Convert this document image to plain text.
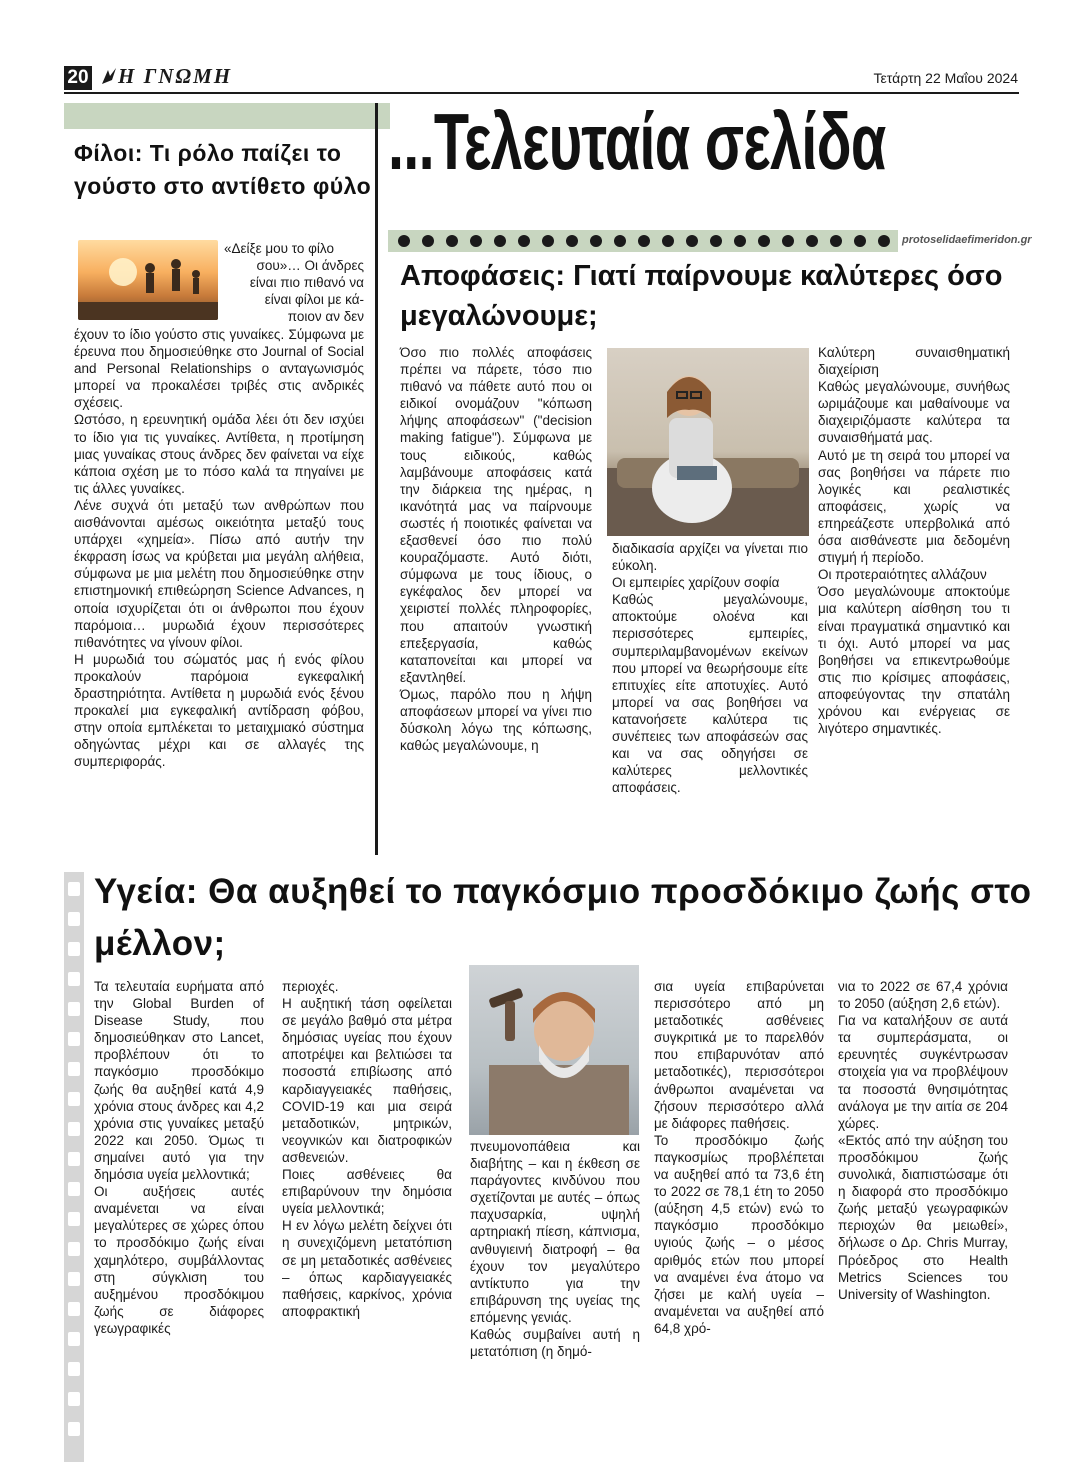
20 Η ΓΝΩΜΗ	Τετάρτη 22 Μαΐου 2024
...Τελευταία σελίδα
protoselidaefimeridon.gr
Φίλοι: Τι ρόλο παίζει το γούστο στο αντίθετο φύλο

«Δείξε μου το φίλο

σου»… Οι άνδρες

είναι πιο πιθανό να

είναι φίλοι με κά-

ποιον αν δεν

έχουν το ίδιο γούστο στις γυναίκες. Σύμφωνα με έρευνα που δημοσιεύθηκε στο Journal of Social and Personal Relationships ο ανταγωνισμός μπορεί να προκαλέσει τριβές στις ανδρικές σχέσεις.

Ωστόσο, η ερευνητική ομάδα λέει ότι δεν ισχύει το ίδιο για τις γυναίκες. Αντίθετα, η προτίμηση μιας γυναίκας στους άνδρες δεν φαίνεται να είχε κάποια σχέση με το πόσο καλά τα πηγαίνει με τις άλλες γυναίκες.

Λένε συχνά ότι μεταξύ των ανθρώπων που αισθάνονται αμέσως οικειότητα μεταξύ τους υπάρχει «χημεία». Πίσω από αυτήν την έκφραση ίσως να κρύβεται μια μεγάλη αλήθεια, σύμφωνα με μια μελέτη που δημοσιεύθηκε στην επιστημονική επιθεώρηση Science Advances, η οποία ισχυρίζεται ότι οι άνθρωποι που έχουν παρόμοια… μυρωδιά έχουν περισσότερες πιθανότητες να γίνουν φίλοι.

Η μυρωδιά του σώματός μας ή ενός φίλου προκαλούν παρόμοια εγκεφαλική δραστηριότητα. Αντίθετα η μυρωδιά ενός ξένου προκαλεί μια εγκεφαλική αντίδραση φόβου, στην οποία εμπλέκεται το μεταιχμιακό σύστημα οδηγώντας μέχρι και σε αλλαγές της συμπεριφοράς.

Αποφάσεις: Γιατί παίρνουμε καλύτερες όσο μεγαλώνουμε;

Όσο πιο πολλές αποφάσεις πρέπει να πάρετε, τόσο πιο πιθανό να πάθετε αυτό που οι ειδικοί ονομάζουν "κόπωση λήψης αποφάσεων" ("decision making fatigue"). Σύμφωνα με τους ειδικούς, καθώς λαμβάνουμε αποφάσεις κατά την διάρκεια της ημέρας, η ικανότητά μας να παίρνουμε σωστές ή ποιοτικές φαίνεται να εξασθενεί όσο πιο πολύ κουραζόμαστε. Αυτό διότι, σύμφωνα με τους ίδιους, ο εγκέφαλος δεν μπορεί να χειριστεί πολλές πληροφορίες, που απαιτούν γνωστική επεξεργασία, καθώς καταπονείται και μπορεί να εξαντληθεί.

Όμως, παρόλο που η λήψη αποφάσεων μπορεί να γίνει πιο δύσκολη λόγω της κόπωσης, καθώς μεγαλώνουμε, η

διαδικασία αρχίζει να γίνεται πιο εύκολη.

Οι εμπειρίες χαρίζουν σοφία

Καθώς μεγαλώνουμε, αποκτούμε ολοένα και περισσότερες εμπειρίες, συμπεριλαμβανομένων εκείνων που μπορεί να θεωρήσουμε είτε επιτυχίες είτε αποτυχίες. Αυτό μπορεί να σας βοηθήσει να κατανοήσετε καλύτερα τις συνέπειες των αποφάσεών σας και να σας οδηγήσει σε καλύτερες μελλοντικές αποφάσεις.

Καλύτερη συναισθηματική διαχείριση

Καθώς μεγαλώνουμε, συνήθως ωριμάζουμε και μαθαίνουμε να διαχειριζόμαστε καλύτερα τα συναισθήματά μας.

Αυτό με τη σειρά του μπορεί να σας βοηθήσει να πάρετε πιο λογικές και ρεαλιστικές αποφάσεις, χωρίς να επηρεάζεστε υπερβολικά από όσα αισθάνεστε μια δεδομένη στιγμή ή περίοδο.

Οι προτεραιότητες αλλάζουν

Όσο μεγαλώνουμε αποκτούμε μια καλύτερη αίσθηση του τι είναι πραγματικά σημαντικό και τι όχι. Αυτό μπορεί να μας βοηθήσει να επικεντρωθούμε στις πιο κρίσιμες αποφάσεις, αποφεύγοντας την σπατάλη χρόνου και ενέργειας σε λιγότερο σημαντικές.

Υγεία: Θα αυξηθεί το παγκόσμιο προσδόκιμο ζωής στο μέλλον;

Τα τελευταία ευρήματα από την Global Burden of Disease Study, που δημοσιεύθηκαν στο Lancet, προβλέπουν ότι το παγκόσμιο προσδόκιμο ζωής θα αυξηθεί κατά 4,9 χρόνια στους άνδρες και 4,2 χρόνια στις γυναίκες μεταξύ 2022 και 2050. Όμως τι σημαίνει αυτό για την δημόσια υγεία μελλοντικά;

Οι αυξήσεις αυτές αναμένεται να είναι μεγαλύτερες σε χώρες όπου το προσδόκιμο ζωής είναι χαμηλότερο, συμβάλλοντας στη σύγκλιση του αυξημένου προσδόκιμου ζωής σε διάφορες γεωγραφικές

περιοχές.

Η αυξητική τάση οφείλεται σε μεγάλο βαθμό στα μέτρα δημόσιας υγείας που έχουν αποτρέψει και βελτιώσει τα ποσοστά επιβίωσης από καρδιαγγειακές παθήσεις, COVID-19 και μια σειρά μεταδοτικών, μητρικών, νεογνικών και διατροφικών ασθενειών.

Ποιες ασθένειες θα επιβαρύνουν την δημόσια υγεία μελλοντικά;

Η εν λόγω μελέτη δείχνει ότι η συνεχιζόμενη μετατόπιση σε μη μεταδοτικές ασθένειες – όπως καρδιαγγειακές παθήσεις, καρκίνος, χρόνια αποφρακτική

πνευμονοπάθεια και διαβήτης – και η έκθεση σε παράγοντες κινδύνου που σχετίζονται με αυτές – όπως παχυσαρκία, υψηλή αρτηριακή πίεση, κάπνισμα, ανθυγιεινή διατροφή – θα έχουν τον μεγαλύτερο αντίκτυπο για την επιβάρυνση της υγείας της επόμενης γενιάς.

Καθώς συμβαίνει αυτή η μετατόπιση (η δημό-

σια υγεία επιβαρύνεται περισσότερο από μη μεταδοτικές ασθένειες συγκριτικά με το παρελθόν που επιβαρυνόταν από μεταδοτικές), περισσότεροι άνθρωποι αναμένεται να ζήσουν περισσότερο αλλά με διάφορες παθήσεις.

Το προσδόκιμο ζωής παγκοσμίως προβλέπεται να αυξηθεί από τα 73,6 έτη το 2022 σε 78,1 έτη το 2050 (αύξηση 4,5 ετών) ενώ το παγκόσμιο προσδόκιμο υγιούς ζωής – ο μέσος αριθμός ετών που μπορεί να αναμένει ένα άτομο να ζήσει με καλή υγεία – αναμένεται να αυξηθεί από 64,8 χρό-

νια το 2022 σε 67,4 χρόνια το 2050 (αύξηση 2,6 ετών).

Για να καταλήξουν σε αυτά τα συμπεράσματα, οι ερευνητές συγκέντρωσαν στοιχεία για να προβλέψουν τα ποσοστά θνησιμότητας ανάλογα με την αιτία σε 204 χώρες.

«Εκτός από την αύξηση του προσδόκιμου ζωής συνολικά, διαπιστώσαμε ότι η διαφορά στο προσδόκιμο ζωής μεταξύ γεωγραφικών περιοχών θα μειωθεί», δήλωσε ο Δρ. Chris Murray, Πρόεδρος στο Health Metrics Sciences του University of Washington.
